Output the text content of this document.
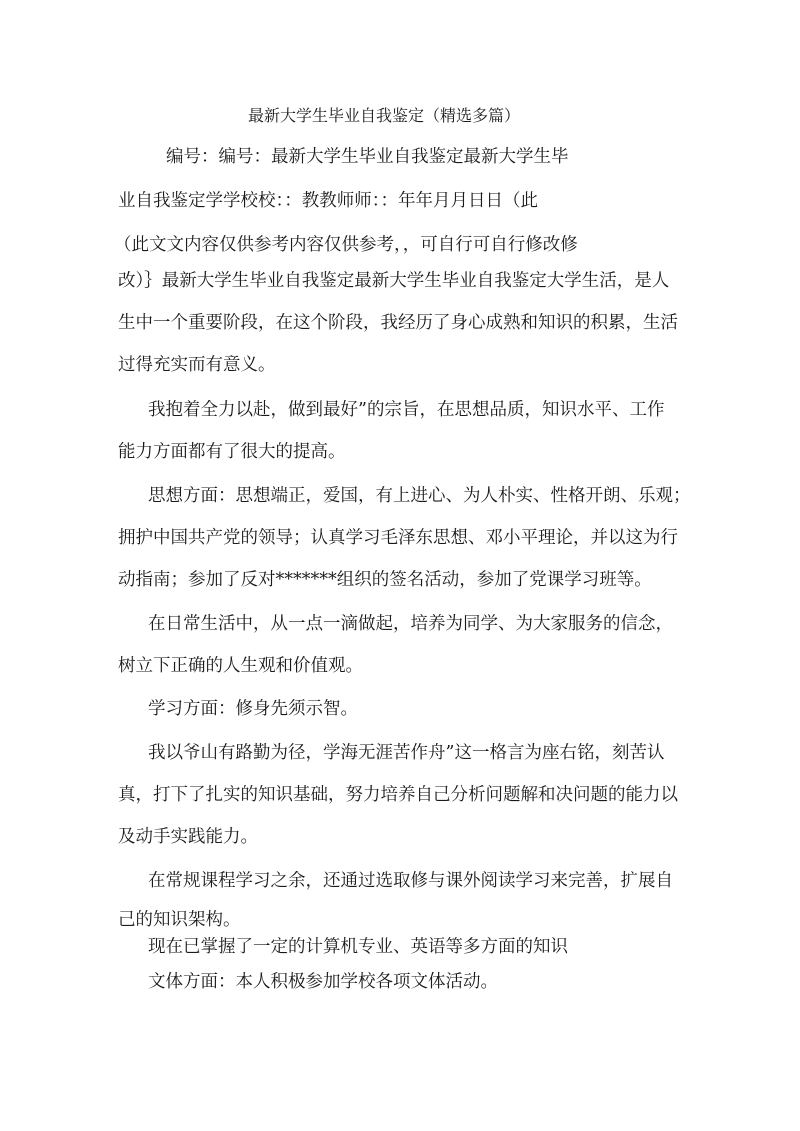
最新大学生毕业自我鉴定（精选多篇）
编号：编号：最新大学生毕业自我鉴定最新大学生毕
业自我鉴定学学校校：：教教师师：：年年月月日日（此
（此文文内容仅供参考内容仅供参考，，可自行可自行修改修
改）｝最新大学生毕业自我鉴定最新大学生毕业自我鉴定大学生活，是人
生中一个重要阶段，在这个阶段，我经历了身心成熟和知识的积累，生活
过得充实而有意义。
我抱着全力以赴，做到最好”的宗旨，在思想品质，知识水平、工作
能力方面都有了很大的提高。
思想方面：思想端正，爱国，有上进心、为人朴实、性格开朗、乐观；
拥护中国共产党的领导；认真学习毛泽东思想、邓小平理论，并以这为行
动指南；参加了反对*******组织的签名活动，参加了党课学习班等。
在日常生活中，从一点一滴做起，培养为同学、为大家服务的信念，
树立下正确的人生观和价值观。
学习方面：修身先须示智。
我以爷山有路勤为径，学海无涯苦作舟”这一格言为座右铭，刻苦认
真，打下了扎实的知识基础，努力培养自己分析问题解和决问题的能力以
及动手实践能力。
在常规课程学习之余，还通过选取修与课外阅读学习来完善，扩展自
己的知识架构。
现在已掌握了一定的计算机专业、英语等多方面的知识
文体方面：本人积极参加学校各项文体活动。
